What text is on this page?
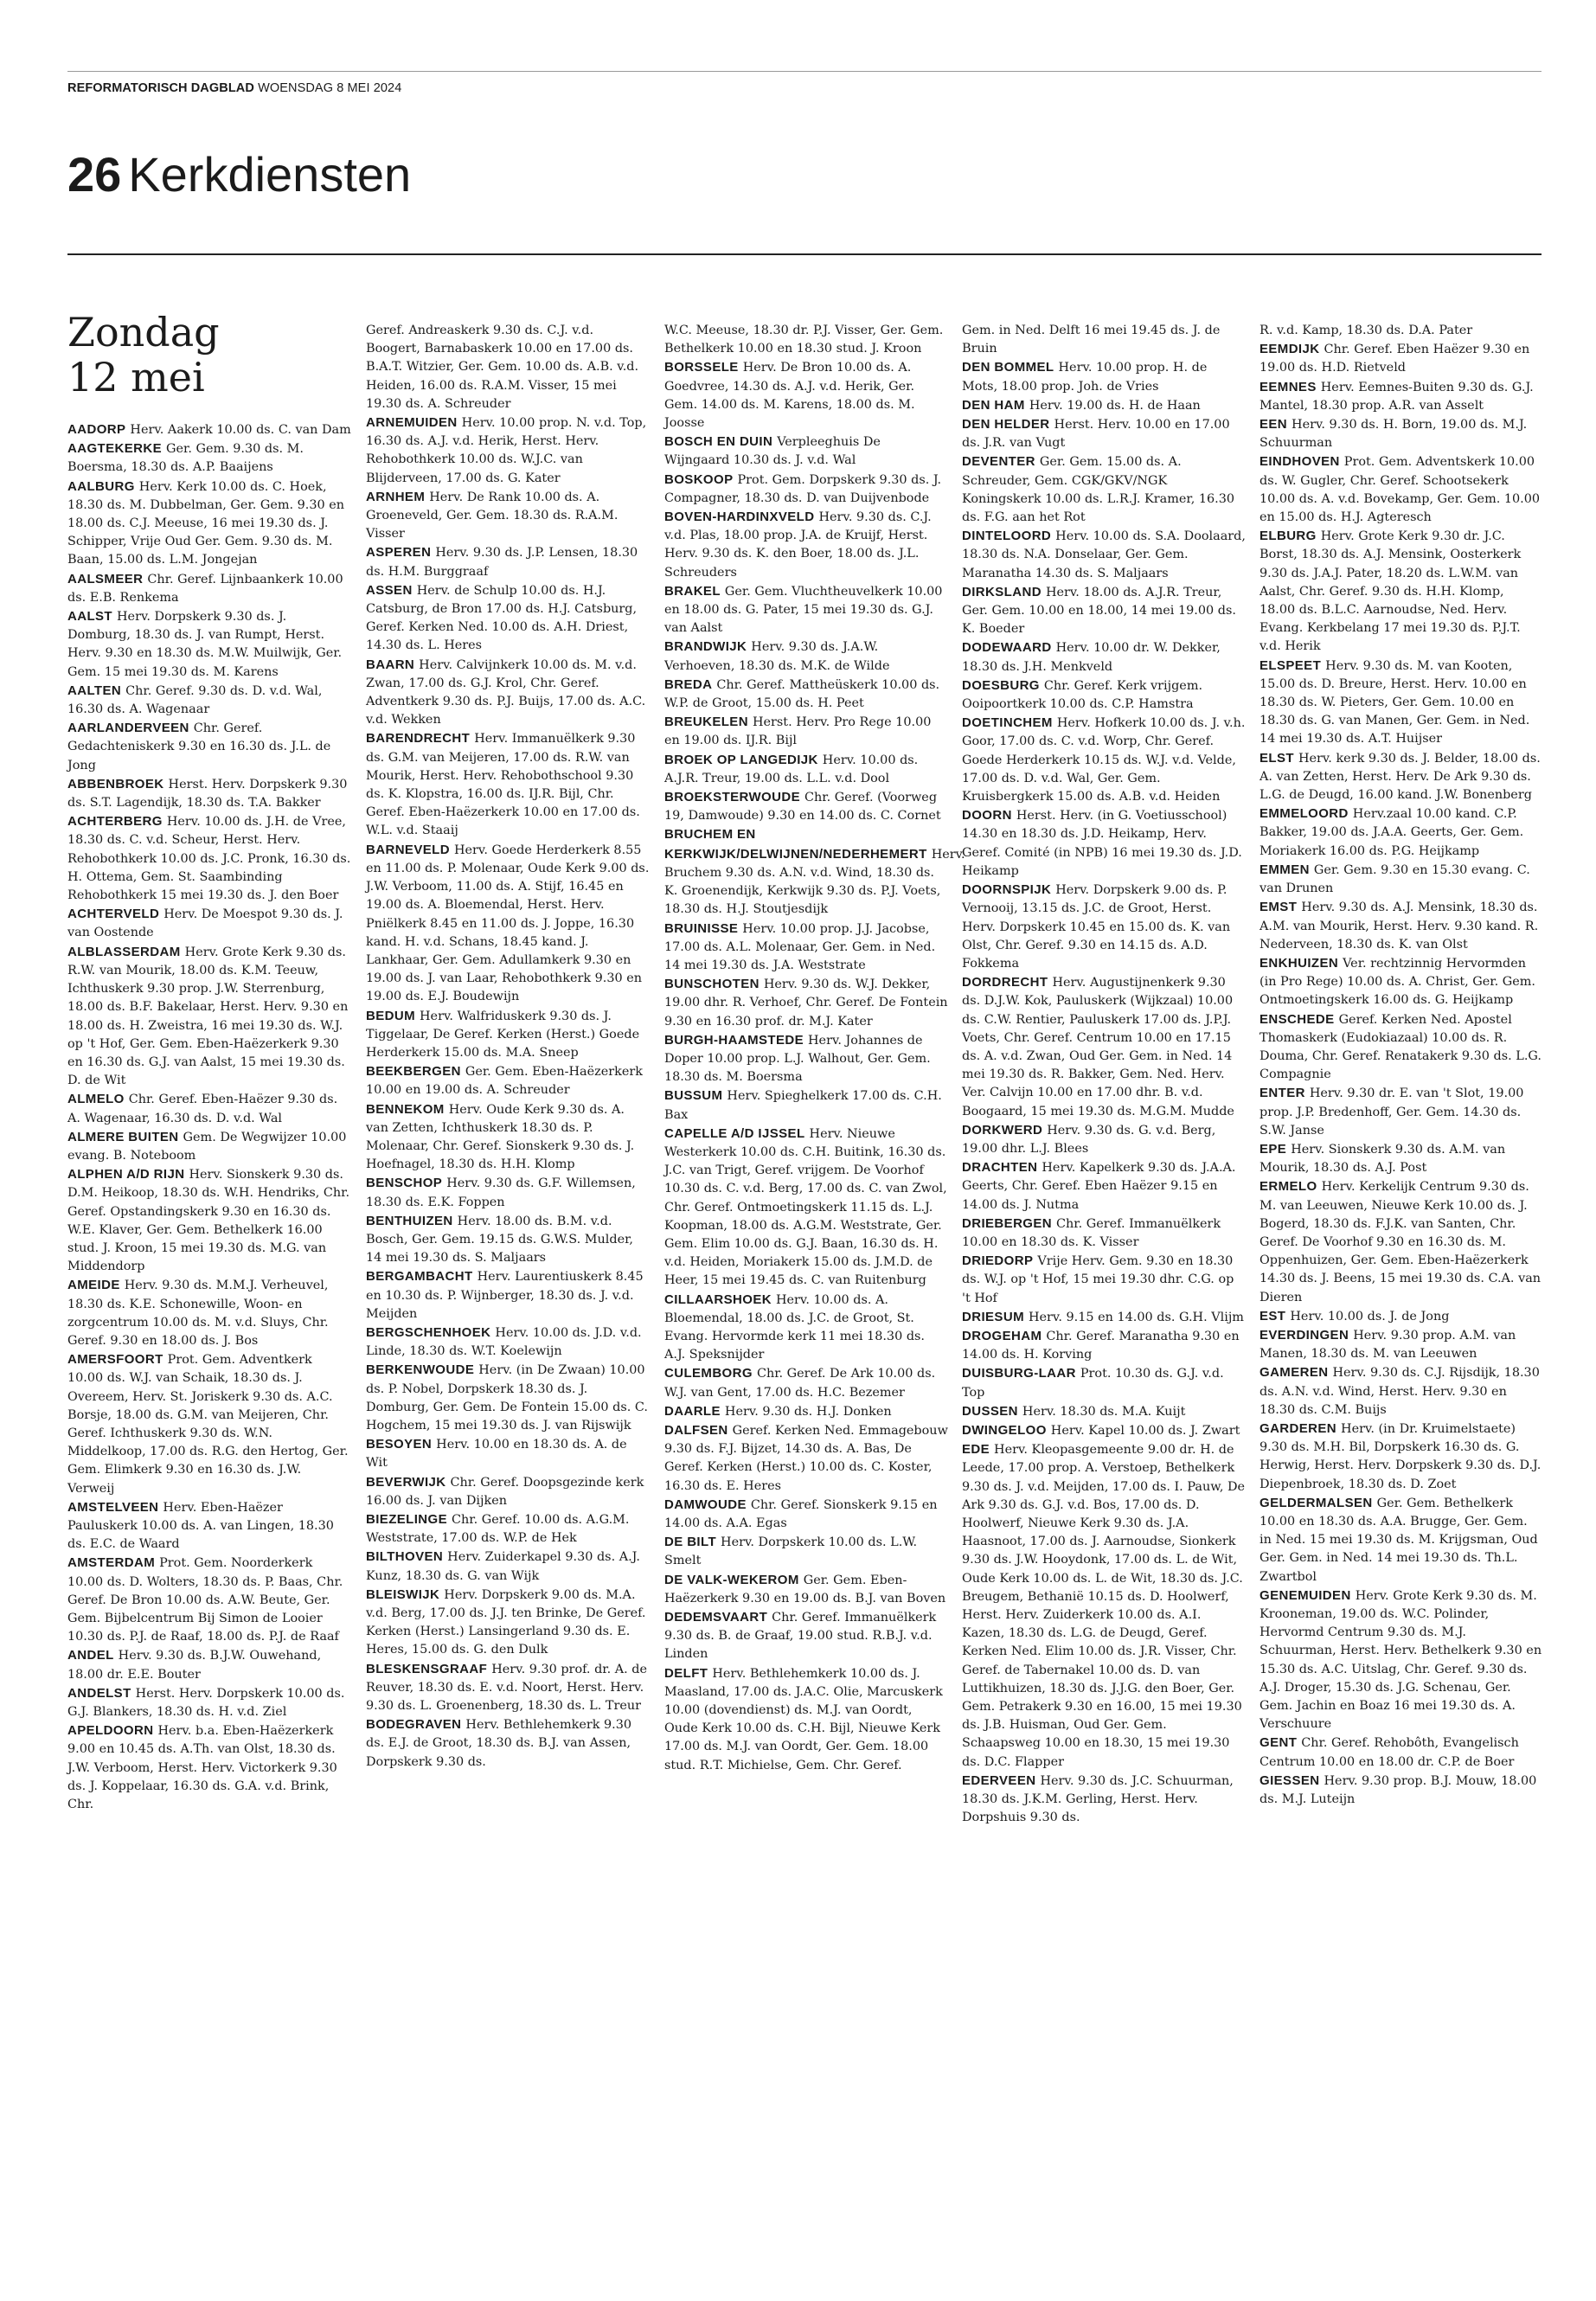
REFORMATORISCH DAGBLAD WOENSDAG 8 MEI 2024
26 Kerkdiensten
Zondag
12 mei

AADORP Herv. Aakerk 10.00 ds. C. van Dam

AAGTEKERKE Ger. Gem. 9.30 ds. M. Boersma, 18.30 ds. A.P. Baaijens

AALBURG Herv. Kerk 10.00 ds. C. Hoek, 18.30 ds. M. Dubbelman, Ger. Gem. 9.30 en 18.00 ds. C.J. Meeuse, 16 mei 19.30 ds. J. Schipper, Vrije Oud Ger. Gem. 9.30 ds. M. Baan, 15.00 ds. L.M. Jongejan

AALSMEER Chr. Geref. Lijnbaankerk 10.00 ds. E.B. Renkema

AALST Herv. Dorpskerk 9.30 ds. J. Domburg, 18.30 ds. J. van Rumpt, Herst. Herv. 9.30 en 18.30 ds. M.W. Muilwijk, Ger. Gem. 15 mei 19.30 ds. M. Karens

AALTEN Chr. Geref. 9.30 ds. D. v.d. Wal, 16.30 ds. A. Wagenaar

AARLANDERVEEN Chr. Geref. Gedachteniskerk 9.30 en 16.30 ds. J.L. de Jong

ABBENBROEK Herst. Herv. Dorpskerk 9.30 ds. S.T. Lagendijk, 18.30 ds. T.A. Bakker

ACHTERBERG Herv. 10.00 ds. J.H. de Vree, 18.30 ds. C. v.d. Scheur, Herst. Herv. Rehobothkerk 10.00 ds. J.C. Pronk, 16.30 ds. H. Ottema, Gem. St. Saambinding Rehobothkerk 15 mei 19.30 ds. J. den Boer

ACHTERVELD Herv. De Moespot 9.30 ds. J. van Oostende

ALBLASSERDAM Herv. Grote Kerk 9.30 ds. R.W. van Mourik, 18.00 ds. K.M. Teeuw, Ichthuskerk 9.30 prop. J.W. Sterrenburg, 18.00 ds. B.F. Bakelaar, Herst. Herv. 9.30 en 18.00 ds. H. Zweistra, 16 mei 19.30 ds. W.J. op 't Hof, Ger. Gem. Eben-Haëzerkerk 9.30 en 16.30 ds. G.J. van Aalst, 15 mei 19.30 ds. D. de Wit

ALMELO Chr. Geref. Eben-Haëzer 9.30 ds. A. Wagenaar, 16.30 ds. D. v.d. Wal

ALMERE BUITEN Gem. De Wegwijzer 10.00 evang. B. Noteboom

ALPHEN A/D RIJN Herv. Sionskerk 9.30 ds. D.M. Heikoop, 18.30 ds. W.H. Hendriks, Chr. Geref. Opstandingskerk 9.30 en 16.30 ds. W.E. Klaver, Ger. Gem. Bethelkerk 16.00 stud. J. Kroon, 15 mei 19.30 ds. M.G. van Middendorp

AMEIDE Herv. 9.30 ds. M.M.J. Verheuvel, 18.30 ds. K.E. Schonewille, Woon- en zorgcentrum 10.00 ds. M. v.d. Sluys, Chr. Geref. 9.30 en 18.00 ds. J. Bos

AMERSFOORT Prot. Gem. Adventkerk 10.00 ds. W.J. van Schaik, 18.30 ds. J. Overeem, Herv. St. Joriskerk 9.30 ds. A.C. Borsje, 18.00 ds. G.M. van Meijeren, Chr. Geref. Ichthuskerk 9.30 ds. W.N. Middelkoop, 17.00 ds. R.G. den Hertog, Ger. Gem. Elimkerk 9.30 en 16.30 ds. J.W. Verweij

AMSTELVEEN Herv. Eben-Haëzer Pauluskerk 10.00 ds. A. van Lingen, 18.30 ds. E.C. de Waard

AMSTERDAM Prot. Gem. Noorderkerk 10.00 ds. D. Wolters, 18.30 ds. P. Baas, Chr. Geref. De Bron 10.00 ds. A.W. Beute, Ger. Gem. Bijbelcentrum Bij Simon de Looier 10.30 ds. P.J. de Raaf, 18.00 ds. P.J. de Raaf

ANDEL Herv. 9.30 ds. B.J.W. Ouwehand, 18.00 dr. E.E. Bouter

ANDELST Herst. Herv. Dorpskerk 10.00 ds. G.J. Blankers, 18.30 ds. H. v.d. Ziel

APELDOORN Herv. b.a. Eben-Haëzerkerk 9.00 en 10.45 ds. A.Th. van Olst, 18.30 ds. J.W. Verboom, Herst. Herv. Victorkerk 9.30 ds. J. Koppelaar, 16.30 ds. G.A. v.d. Brink, Chr.

Geref. Andreaskerk 9.30 ds. C.J. v.d. Boogert, Barnabaskerk 10.00 en 17.00 ds. B.A.T. Witzier, Ger. Gem. 10.00 ds. A.B. v.d. Heiden, 16.00 ds. R.A.M. Visser, 15 mei 19.30 ds. A. Schreuder

ARNEMUIDEN Herv. 10.00 prop. N. v.d. Top, 16.30 ds. A.J. v.d. Herik, Herst. Herv. Rehobothkerk 10.00 ds. W.J.C. van Blijderveen, 17.00 ds. G. Kater

ARNHEM Herv. De Rank 10.00 ds. A. Groeneveld, Ger. Gem. 18.30 ds. R.A.M. Visser

ASPEREN Herv. 9.30 ds. J.P. Lensen, 18.30 ds. H.M. Burggraaf

ASSEN Herv. de Schulp 10.00 ds. H.J. Catsburg, de Bron 17.00 ds. H.J. Catsburg, Geref. Kerken Ned. 10.00 ds. A.H. Driest, 14.30 ds. L. Heres

BAARN Herv. Calvijnkerk 10.00 ds. M. v.d. Zwan, 17.00 ds. G.J. Krol, Chr. Geref. Adventkerk 9.30 ds. P.J. Buijs, 17.00 ds. A.C. v.d. Wekken

BARENDRECHT Herv. Immanuëlkerk 9.30 ds. G.M. van Meijeren, 17.00 ds. R.W. van Mourik, Herst. Herv. Rehobothschool 9.30 ds. K. Klopstra, 16.00 ds. IJ.R. Bijl, Chr. Geref. Eben-Haëzerkerk 10.00 en 17.00 ds. W.L. v.d. Staaij

BARNEVELD Herv. Goede Herderkerk 8.55 en 11.00 ds. P. Molenaar, Oude Kerk 9.00 ds. J.W. Verboom, 11.00 ds. A. Stijf, 16.45 en 19.00 ds. A. Bloemendal, Herst. Herv. Pniëlkerk 8.45 en 11.00 ds. J. Joppe, 16.30 kand. H. v.d. Schans, 18.45 kand. J. Lankhaar, Ger. Gem. Adullamkerk 9.30 en 19.00 ds. J. van Laar, Rehobothkerk 9.30 en 19.00 ds. E.J. Boudewijn

BEDUM Herv. Walfriduskerk 9.30 ds. J. Tiggelaar, De Geref. Kerken (Herst.) Goede Herderkerk 15.00 ds. M.A. Sneep

BEEKBERGEN Ger. Gem. Eben-Haëzerkerk 10.00 en 19.00 ds. A. Schreuder

BENNEKOM Herv. Oude Kerk 9.30 ds. A. van Zetten, Ichthuskerk 18.30 ds. P. Molenaar, Chr. Geref. Sionskerk 9.30 ds. J. Hoefnagel, 18.30 ds. H.H. Klomp

BENSCHOP Herv. 9.30 ds. G.F. Willemsen, 18.30 ds. E.K. Foppen

BENTHUIZEN Herv. 18.00 ds. B.M. v.d. Bosch, Ger. Gem. 19.15 ds. G.W.S. Mulder, 14 mei 19.30 ds. S. Maljaars

BERGAMBACHT Herv. Laurentiuskerk 8.45 en 10.30 ds. P. Wijnberger, 18.30 ds. J. v.d. Meijden

BERGSCHENHOEK Herv. 10.00 ds. J.D. v.d. Linde, 18.30 ds. W.T. Koelewijn

BERKENWOUDE Herv. (in De Zwaan) 10.00 ds. P. Nobel, Dorpskerk 18.30 ds. J. Domburg, Ger. Gem. De Fontein 15.00 ds. C. Hogchem, 15 mei 19.30 ds. J. van Rijswijk

BESOYEN Herv. 10.00 en 18.30 ds. A. de Wit

BEVERWIJK Chr. Geref. Doopsgezinde kerk 16.00 ds. J. van Dijken

BIEZELINGE Chr. Geref. 10.00 ds. A.G.M. Weststrate, 17.00 ds. W.P. de Hek

BILTHOVEN Herv. Zuiderkapel 9.30 ds. A.J. Kunz, 18.30 ds. G. van Wijk

BLEISWIJK Herv. Dorpskerk 9.00 ds. M.A. v.d. Berg, 17.00 ds. J.J. ten Brinke, De Geref. Kerken (Herst.) Lansingerland 9.30 ds. E. Heres, 15.00 ds. G. den Dulk

BLESKENSGRAAF Herv. 9.30 prof. dr. A. de Reuver, 18.30 ds. E. v.d. Noort, Herst. Herv. 9.30 ds. L. Groenenberg, 18.30 ds. L. Treur

BODEGRAVEN Herv. Bethlehemkerk 9.30 ds. E.J. de Groot, 18.30 ds. B.J. van Assen, Dorpskerk 9.30 ds.

W.C. Meeuse, 18.30 dr. P.J. Visser, Ger. Gem. Bethelkerk 10.00 en 18.30 stud. J. Kroon

BORSSELE Herv. De Bron 10.00 ds. A. Goedvree, 14.30 ds. A.J. v.d. Herik, Ger. Gem. 14.00 ds. M. Karens, 18.00 ds. M. Joosse

BOSCH EN DUIN Verpleeghuis De Wijngaard 10.30 ds. J. v.d. Wal

BOSKOOP Prot. Gem. Dorpskerk 9.30 ds. J. Compagner, 18.30 ds. D. van Duijvenbode

BOVEN-HARDINXVELD Herv. 9.30 ds. C.J. v.d. Plas, 18.00 prop. J.A. de Kruijf, Herst. Herv. 9.30 ds. K. den Boer, 18.00 ds. J.L. Schreuders

BRAKEL Ger. Gem. Vluchtheuvelkerk 10.00 en 18.00 ds. G. Pater, 15 mei 19.30 ds. G.J. van Aalst

BRANDWIJK Herv. 9.30 ds. J.A.W. Verhoeven, 18.30 ds. M.K. de Wilde

BREDA Chr. Geref. Mattheüskerk 10.00 ds. W.P. de Groot, 15.00 ds. H. Peet

BREUKELEN Herst. Herv. Pro Rege 10.00 en 19.00 ds. IJ.R. Bijl

BROEK OP LANGEDIJK Herv. 10.00 ds. A.J.R. Treur, 19.00 ds. L.L. v.d. Dool

BROEKSTERWOUDE Chr. Geref. (Voorweg 19, Damwoude) 9.30 en 14.00 ds. C. Cornet

BRUCHEM EN KERKWIJK/DELWIJNEN/NEDERHEMERT Herv. Bruchem 9.30 ds. A.N. v.d. Wind, 18.30 ds. K. Groenendijk, Kerkwijk 9.30 ds. P.J. Voets, 18.30 ds. H.J. Stoutjesdijk

BRUINISSE Herv. 10.00 prop. J.J. Jacobse, 17.00 ds. A.L. Molenaar, Ger. Gem. in Ned. 14 mei 19.30 ds. J.A. Weststrate

BUNSCHOTEN Herv. 9.30 ds. W.J. Dekker, 19.00 dhr. R. Verhoef, Chr. Geref. De Fontein 9.30 en 16.30 prof. dr. M.J. Kater

BURGH-HAAMSTEDE Herv. Johannes de Doper 10.00 prop. L.J. Walhout, Ger. Gem. 18.30 ds. M. Boersma

BUSSUM Herv. Spieghelkerk 17.00 ds. C.H. Bax

CAPELLE A/D IJSSEL Herv. Nieuwe Westerkerk 10.00 ds. C.H. Buitink, 16.30 ds. J.C. van Trigt, Geref. vrijgem. De Voorhof 10.30 ds. C. v.d. Berg, 17.00 ds. C. van Zwol, Chr. Geref. Ontmoetingskerk 11.15 ds. L.J. Koopman, 18.00 ds. A.G.M. Weststrate, Ger. Gem. Elim 10.00 ds. G.J. Baan, 16.30 ds. H. v.d. Heiden, Moriakerk 15.00 ds. J.M.D. de Heer, 15 mei 19.45 ds. C. van Ruitenburg

CILLAARSHOEK Herv. 10.00 ds. A. Bloemendal, 18.00 ds. J.C. de Groot, St. Evang. Hervormde kerk 11 mei 18.30 ds. A.J. Speksnijder

CULEMBORG Chr. Geref. De Ark 10.00 ds. W.J. van Gent, 17.00 ds. H.C. Bezemer

DAARLE Herv. 9.30 ds. H.J. Donken

DALFSEN Geref. Kerken Ned. Emmagebouw 9.30 ds. F.J. Bijzet, 14.30 ds. A. Bas, De Geref. Kerken (Herst.) 10.00 ds. C. Koster, 16.30 ds. E. Heres

DAMWOUDE Chr. Geref. Sionskerk 9.15 en 14.00 ds. A.A. Egas

DE BILT Herv. Dorpskerk 10.00 ds. L.W. Smelt

DE VALK-WEKEROM Ger. Gem. Eben-Haëzerkerk 9.30 en 19.00 ds. B.J. van Boven

DEDEMSVAART Chr. Geref. Immanuëlkerk 9.30 ds. B. de Graaf, 19.00 stud. R.B.J. v.d. Linden

DELFT Herv. Bethlehemkerk 10.00 ds. J. Maasland, 17.00 ds. J.A.C. Olie, Marcuskerk 10.00 (dovendienst) ds. M.J. van Oordt, Oude Kerk 10.00 ds. C.H. Bijl, Nieuwe Kerk 17.00 ds. M.J. van Oordt, Ger. Gem. 18.00 stud. R.T. Michielse, Gem. Chr. Geref.

Gem. in Ned. Delft 16 mei 19.45 ds. J. de Bruin

DEN BOMMEL Herv. 10.00 prop. H. de Mots, 18.00 prop. Joh. de Vries

DEN HAM Herv. 19.00 ds. H. de Haan

DEN HELDER Herst. Herv. 10.00 en 17.00 ds. J.R. van Vugt

DEVENTER Ger. Gem. 15.00 ds. A. Schreuder, Gem. CGK/GKV/NGK Koningskerk 10.00 ds. L.R.J. Kramer, 16.30 ds. F.G. aan het Rot

DINTELOORD Herv. 10.00 ds. S.A. Doolaard, 18.30 ds. N.A. Donselaar, Ger. Gem. Maranatha 14.30 ds. S. Maljaars

DIRKSLAND Herv. 18.00 ds. A.J.R. Treur, Ger. Gem. 10.00 en 18.00, 14 mei 19.00 ds. K. Boeder

DODEWAARD Herv. 10.00 dr. W. Dekker, 18.30 ds. J.H. Menkveld

DOESBURG Chr. Geref. Kerk vrijgem. Ooipoortkerk 10.00 ds. C.P. Hamstra

DOETINCHEM Herv. Hofkerk 10.00 ds. J. v.h. Goor, 17.00 ds. C. v.d. Worp, Chr. Geref. Goede Herderkerk 10.15 ds. W.J. v.d. Velde, 17.00 ds. D. v.d. Wal, Ger. Gem. Kruisbergkerk 15.00 ds. A.B. v.d. Heiden

DOORN Herst. Herv. (in G. Voetiusschool) 14.30 en 18.30 ds. J.D. Heikamp, Herv. Geref. Comité (in NPB) 16 mei 19.30 ds. J.D. Heikamp

DOORNSPIJK Herv. Dorpskerk 9.00 ds. P. Vernooij, 13.15 ds. J.C. de Groot, Herst. Herv. Dorpskerk 10.45 en 15.00 ds. K. van Olst, Chr. Geref. 9.30 en 14.15 ds. A.D. Fokkema

DORDRECHT Herv. Augustijnenkerk 9.30 ds. D.J.W. Kok, Pauluskerk (Wijkzaal) 10.00 ds. C.W. Rentier, Pauluskerk 17.00 ds. J.P.J. Voets, Chr. Geref. Centrum 10.00 en 17.15 ds. A. v.d. Zwan, Oud Ger. Gem. in Ned. 14 mei 19.30 ds. R. Bakker, Gem. Ned. Herv. Ver. Calvijn 10.00 en 17.00 dhr. B. v.d. Boogaard, 15 mei 19.30 ds. M.G.M. Mudde

DORKWERD Herv. 9.30 ds. G. v.d. Berg, 19.00 dhr. L.J. Blees

DRACHTEN Herv. Kapelkerk 9.30 ds. J.A.A. Geerts, Chr. Geref. Eben Haëzer 9.15 en 14.00 ds. J. Nutma

DRIEBERGEN Chr. Geref. Immanuëlkerk 10.00 en 18.30 ds. K. Visser

DRIEDORP Vrije Herv. Gem. 9.30 en 18.30 ds. W.J. op 't Hof, 15 mei 19.30 dhr. C.G. op 't Hof

DRIESUM Herv. 9.15 en 14.00 ds. G.H. Vlijm

DROGEHAM Chr. Geref. Maranatha 9.30 en 14.00 ds. H. Korving

DUISBURG-LAAR Prot. 10.30 ds. G.J. v.d. Top

DUSSEN Herv. 18.30 ds. M.A. Kuijt

DWINGELOO Herv. Kapel 10.00 ds. J. Zwart

EDE Herv. Kleopasgemeente 9.00 dr. H. de Leede, 17.00 prop. A. Verstoep, Bethelkerk 9.30 ds. J. v.d. Meijden, 17.00 ds. I. Pauw, De Ark 9.30 ds. G.J. v.d. Bos, 17.00 ds. D. Hoolwerf, Nieuwe Kerk 9.30 ds. J.A. Haasnoot, 17.00 ds. J. Aarnoudse, Sionkerk 9.30 ds. J.W. Hooydonk, 17.00 ds. L. de Wit, Oude Kerk 10.00 ds. L. de Wit, 18.30 ds. J.C. Breugem, Bethanië 10.15 ds. D. Hoolwerf, Herst. Herv. Zuiderkerk 10.00 ds. A.I. Kazen, 18.30 ds. L.G. de Deugd, Geref. Kerken Ned. Elim 10.00 ds. J.R. Visser, Chr. Geref. de Tabernakel 10.00 ds. D. van Luttikhuizen, 18.30 ds. J.J.G. den Boer, Ger. Gem. Petrakerk 9.30 en 16.00, 15 mei 19.30 ds. J.B. Huisman, Oud Ger. Gem. Schaapsweg 10.00 en 18.30, 15 mei 19.30 ds. D.C. Flapper

EDERVEEN Herv. 9.30 ds. J.C. Schuurman, 18.30 ds. J.K.M. Gerling, Herst. Herv. Dorpshuis 9.30 ds.

R. v.d. Kamp, 18.30 ds. D.A. Pater

EEMDIJK Chr. Geref. Eben Haëzer 9.30 en 19.00 ds. H.D. Rietveld

EEMNES Herv. Eemnes-Buiten 9.30 ds. G.J. Mantel, 18.30 prop. A.R. van Asselt

EEN Herv. 9.30 ds. H. Born, 19.00 ds. M.J. Schuurman

EINDHOVEN Prot. Gem. Adventskerk 10.00 ds. W. Gugler, Chr. Geref. Schootsekerk 10.00 ds. A. v.d. Bovekamp, Ger. Gem. 10.00 en 15.00 ds. H.J. Agteresch

ELBURG Herv. Grote Kerk 9.30 dr. J.C. Borst, 18.30 ds. A.J. Mensink, Oosterkerk 9.30 ds. J.A.J. Pater, 18.20 ds. L.W.M. van Aalst, Chr. Geref. 9.30 ds. H.H. Klomp, 18.00 ds. B.L.C. Aarnoudse, Ned. Herv. Evang. Kerkbelang 17 mei 19.30 ds. P.J.T. v.d. Herik

ELSPEET Herv. 9.30 ds. M. van Kooten, 15.00 ds. D. Breure, Herst. Herv. 10.00 en 18.30 ds. W. Pieters, Ger. Gem. 10.00 en 18.30 ds. G. van Manen, Ger. Gem. in Ned. 14 mei 19.30 ds. A.T. Huijser

ELST Herv. kerk 9.30 ds. J. Belder, 18.00 ds. A. van Zetten, Herst. Herv. De Ark 9.30 ds. L.G. de Deugd, 16.00 kand. J.W. Bonenberg

EMMELOORD Herv.zaal 10.00 kand. C.P. Bakker, 19.00 ds. J.A.A. Geerts, Ger. Gem. Moriakerk 16.00 ds. P.G. Heijkamp

EMMEN Ger. Gem. 9.30 en 15.30 evang. C. van Drunen

EMST Herv. 9.30 ds. A.J. Mensink, 18.30 ds. A.M. van Mourik, Herst. Herv. 9.30 kand. R. Nederveen, 18.30 ds. K. van Olst

ENKHUIZEN Ver. rechtzinnig Hervormden (in Pro Rege) 10.00 ds. A. Christ, Ger. Gem. Ontmoetingskerk 16.00 ds. G. Heijkamp

ENSCHEDE Geref. Kerken Ned. Apostel Thomaskerk (Eudokiazaal) 10.00 ds. R. Douma, Chr. Geref. Renatakerk 9.30 ds. L.G. Compagnie

ENTER Herv. 9.30 dr. E. van 't Slot, 19.00 prop. J.P. Bredenhoff, Ger. Gem. 14.30 ds. S.W. Janse

EPE Herv. Sionskerk 9.30 ds. A.M. van Mourik, 18.30 ds. A.J. Post

ERMELO Herv. Kerkelijk Centrum 9.30 ds. M. van Leeuwen, Nieuwe Kerk 10.00 ds. J. Bogerd, 18.30 ds. F.J.K. van Santen, Chr. Geref. De Voorhof 9.30 en 16.30 ds. M. Oppenhuizen, Ger. Gem. Eben-Haëzerkerk 14.30 ds. J. Beens, 15 mei 19.30 ds. C.A. van Dieren

EST Herv. 10.00 ds. J. de Jong

EVERDINGEN Herv. 9.30 prop. A.M. van Manen, 18.30 ds. M. van Leeuwen

GAMEREN Herv. 9.30 ds. C.J. Rijsdijk, 18.30 ds. A.N. v.d. Wind, Herst. Herv. 9.30 en 18.30 ds. C.M. Buijs

GARDEREN Herv. (in Dr. Kruimelstaete) 9.30 ds. M.H. Bil, Dorpskerk 16.30 ds. G. Herwig, Herst. Herv. Dorpskerk 9.30 ds. D.J. Diepenbroek, 18.30 ds. D. Zoet

GELDERMALSEN Ger. Gem. Bethelkerk 10.00 en 18.30 ds. A.A. Brugge, Ger. Gem. in Ned. 15 mei 19.30 ds. M. Krijgsman, Oud Ger. Gem. in Ned. 14 mei 19.30 ds. Th.L. Zwartbol

GENEMUIDEN Herv. Grote Kerk 9.30 ds. M. Krooneman, 19.00 ds. W.C. Polinder, Hervormd Centrum 9.30 ds. M.J. Schuurman, Herst. Herv. Bethelkerk 9.30 en 15.30 ds. A.C. Uitslag, Chr. Geref. 9.30 ds. A.J. Droger, 15.30 ds. J.G. Schenau, Ger. Gem. Jachin en Boaz 16 mei 19.30 ds. A. Verschuure

GENT Chr. Geref. Rehobôth, Evangelisch Centrum 10.00 en 18.00 dr. C.P. de Boer

GIESSEN Herv. 9.30 prop. B.J. Mouw, 18.00 ds. M.J. Luteijn
